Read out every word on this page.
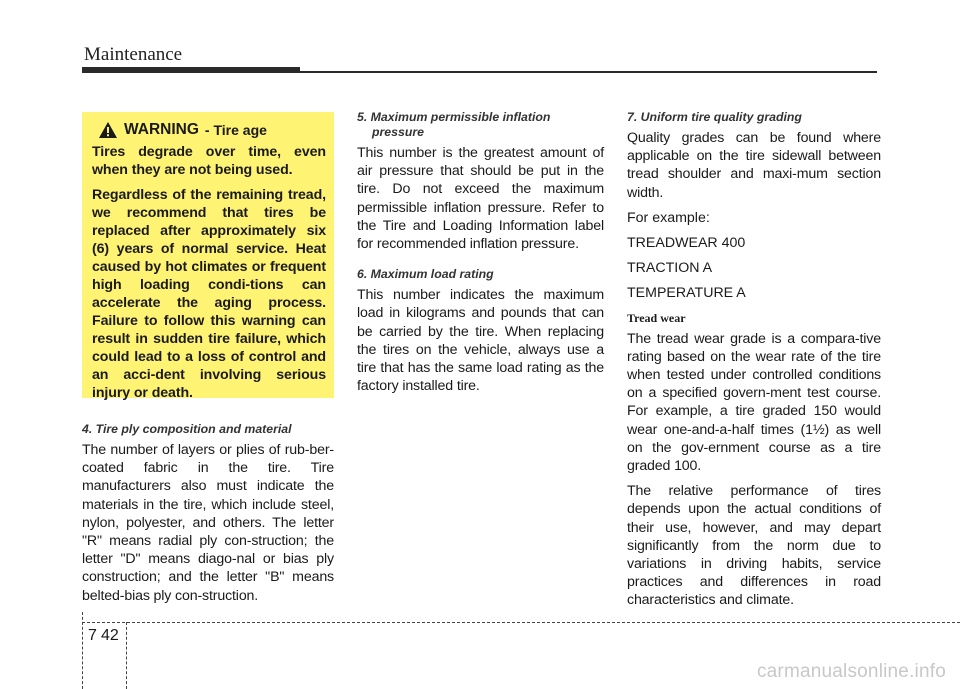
Maintenance
WARNING - Tire age

Tires degrade over time, even when they are not being used.

Regardless of the remaining tread, we recommend that tires be replaced after approximately six (6) years of normal service. Heat caused by hot climates or frequent high loading condi-tions can accelerate the aging process. Failure to follow this warning can result in sudden tire failure, which could lead to a loss of control and an acci-dent involving serious injury or death.

4. Tire ply composition and material

The number of layers or plies of rub-ber-coated fabric in the tire. Tire manufacturers also must indicate the materials in the tire, which include steel, nylon, polyester, and others. The letter "R" means radial ply con-struction; the letter "D" means diago-nal or bias ply construction; and the letter "B" means belted-bias ply con-struction.

5. Maximum permissible inflation
pressure

This number is the greatest amount of air pressure that should be put in the tire. Do not exceed the maximum permissible inflation pressure. Refer to the Tire and Loading Information label for recommended inflation pressure.

6. Maximum load rating

This number indicates the maximum load in kilograms and pounds that can be carried by the tire. When replacing the tires on the vehicle, always use a tire that has the same load rating as the factory installed tire.

7. Uniform tire quality grading

Quality grades can be found where applicable on the tire sidewall between tread shoulder and maxi-mum section width.

For example:

TREADWEAR 400

TRACTION A

TEMPERATURE A

Tread wear

The tread wear grade is a compara-tive rating based on the wear rate of the tire when tested under controlled conditions on a specified govern-ment test course. For example, a tire graded 150 would wear one-and-a-half times (1½) as well on the gov-ernment course as a tire graded 100.

The relative performance of tires depends upon the actual conditions of their use, however, and may depart significantly from the norm due to variations in driving habits, service practices and differences in road characteristics and climate.

7 42
carmanualsonline.info
